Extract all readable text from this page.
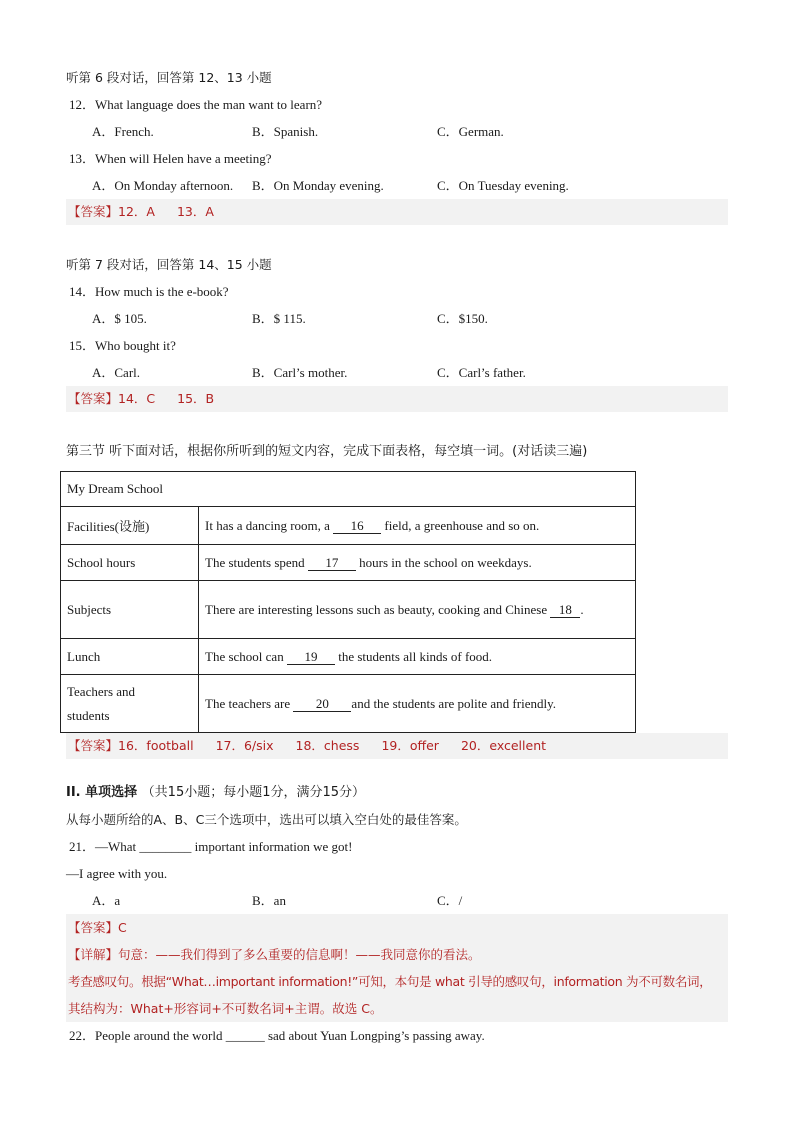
听第 6 段对话，回答第 12、13 小题
12．What language does the man want to learn?
A．French.	B．Spanish.	C．German.
13．When will Helen have a meeting?
A．On Monday afternoon. B．On Monday evening.	C．On Tuesday evening.
【答案】12．A 13．A
听第 7 段对话，回答第 14、15 小题
14．How much is the e-book?
A．$ 105.	B．$ 115.	C．$150.
15．Who bought it?
A．Carl.	B．Carl’s mother.	C．Carl’s father.
【答案】14．C 15．B
第三节 听下面对话，根据你所听到的短文内容，完成下面表格，每空填一词。(对话读三遍)
My Dream School	
Facilities(设施)	It has a dancing room, a 16 field, a greenhouse and so on.
School hours	The students spend 17 hours in the school on weekdays.
Subjects	There are interesting lessons such as beauty, cooking and Chinese 18 .
Lunch	The school can 19 the students all kinds of food.
Teachers and
students	The teachers are 20 and the students are polite and friendly.
【答案】16．football 17．6/six 18．chess 19．offer 20．excellent
II. 单项选择 （共15小题；每小题1分，满分15分）
从每小题所给的A、B、C三个选项中，选出可以填入空白处的最佳答案。
21．—What ________ important information we got!
—I agree with you.
A．a	B．an	C．/
【答案】C
【详解】句意：——我们得到了多么重要的信息啊！——我同意你的看法。
考查感叹句。根据“What…important information!”可知，本句是 what 引导的感叹句，information 为不可数名词，
其结构为：What+形容词+不可数名词+主谓。故选 C。
22．People around the world ______ sad about Yuan Longping’s passing away.
